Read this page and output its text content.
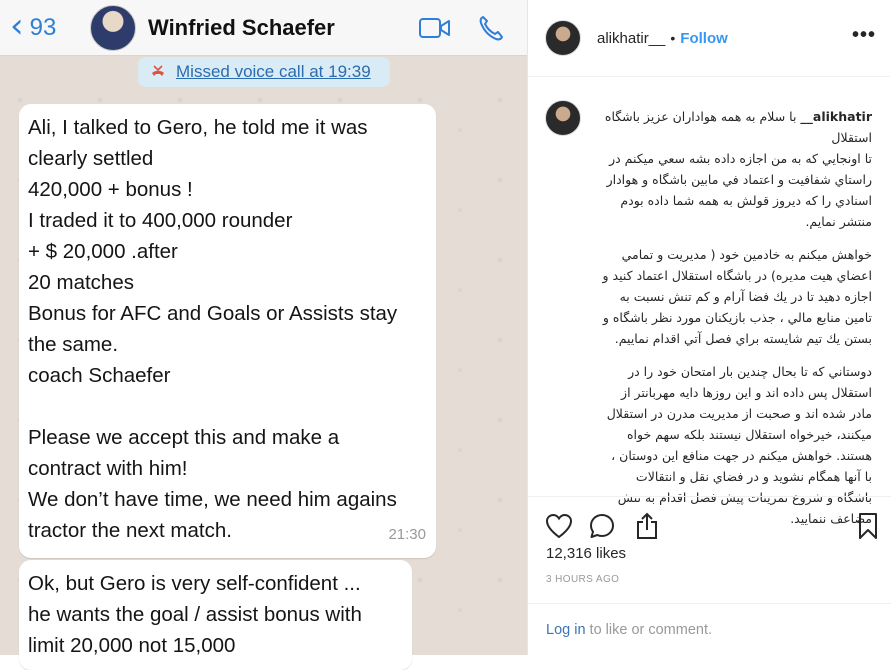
‹ 93	Winfried Schaefer
Missed voice call at 19:39
Ali, I talked to Gero, he told me it was
clearly settled
420,000 + bonus !
I traded it to 400,000 rounder
+ $ 20,000 .after
20 matches
Bonus for AFC and Goals or Assists stay
the same.
coach Schaefer

Please we accept this and make a
contract with him!
We don’t have time, we need him agains
tractor the next match.	21:30
Ok, but Gero is very self-confident ...
he wants the goal / assist bonus with
limit 20,000 not 15,000
alikhatir__ • Follow	•••
alikhatir__ با سلام به همه هواداران عزيز باشگاه استقلال
تا اونجايي كه به من اجازه داده بشه سعي ميكنم در راستاي شفافيت و اعتماد في مابين باشگاه و هوادار اسنادي را كه ديروز قولش به همه شما داده بودم منتشر نمايم.
خواهش ميكنم به خادمين خود ( مديريت و تمامي اعضاي هيت مديره) در باشگاه استقلال اعتماد كنيد و اجازه دهيد تا در يك فضا آرام و كم تنش نسبت به تامين منابع مالي ، جذب بازيكنان مورد نظر باشگاه و بستن يك تيم شايسته براي فصل آتي اقدام نماييم.
دوستاني كه تا بحال چندين بار امتحان خود را در استقلال پس داده اند و اين روزها دايه مهربانتر از مادر شده اند و صحبت از مديريت مدرن در استقلال ميكنند، خيرخواه استقلال نيستند بلكه سهم خواه هستند. خواهش ميكنم در جهت منافع اين دوستان ، با آنها همگام نشويد و در فضاي نقل و انتقالات باشگاه و شروع تمرينات پيش فصل اقدام به تنش مضاعف ننماييد.
12,316 likes
3 HOURS AGO
Log in to like or comment.
